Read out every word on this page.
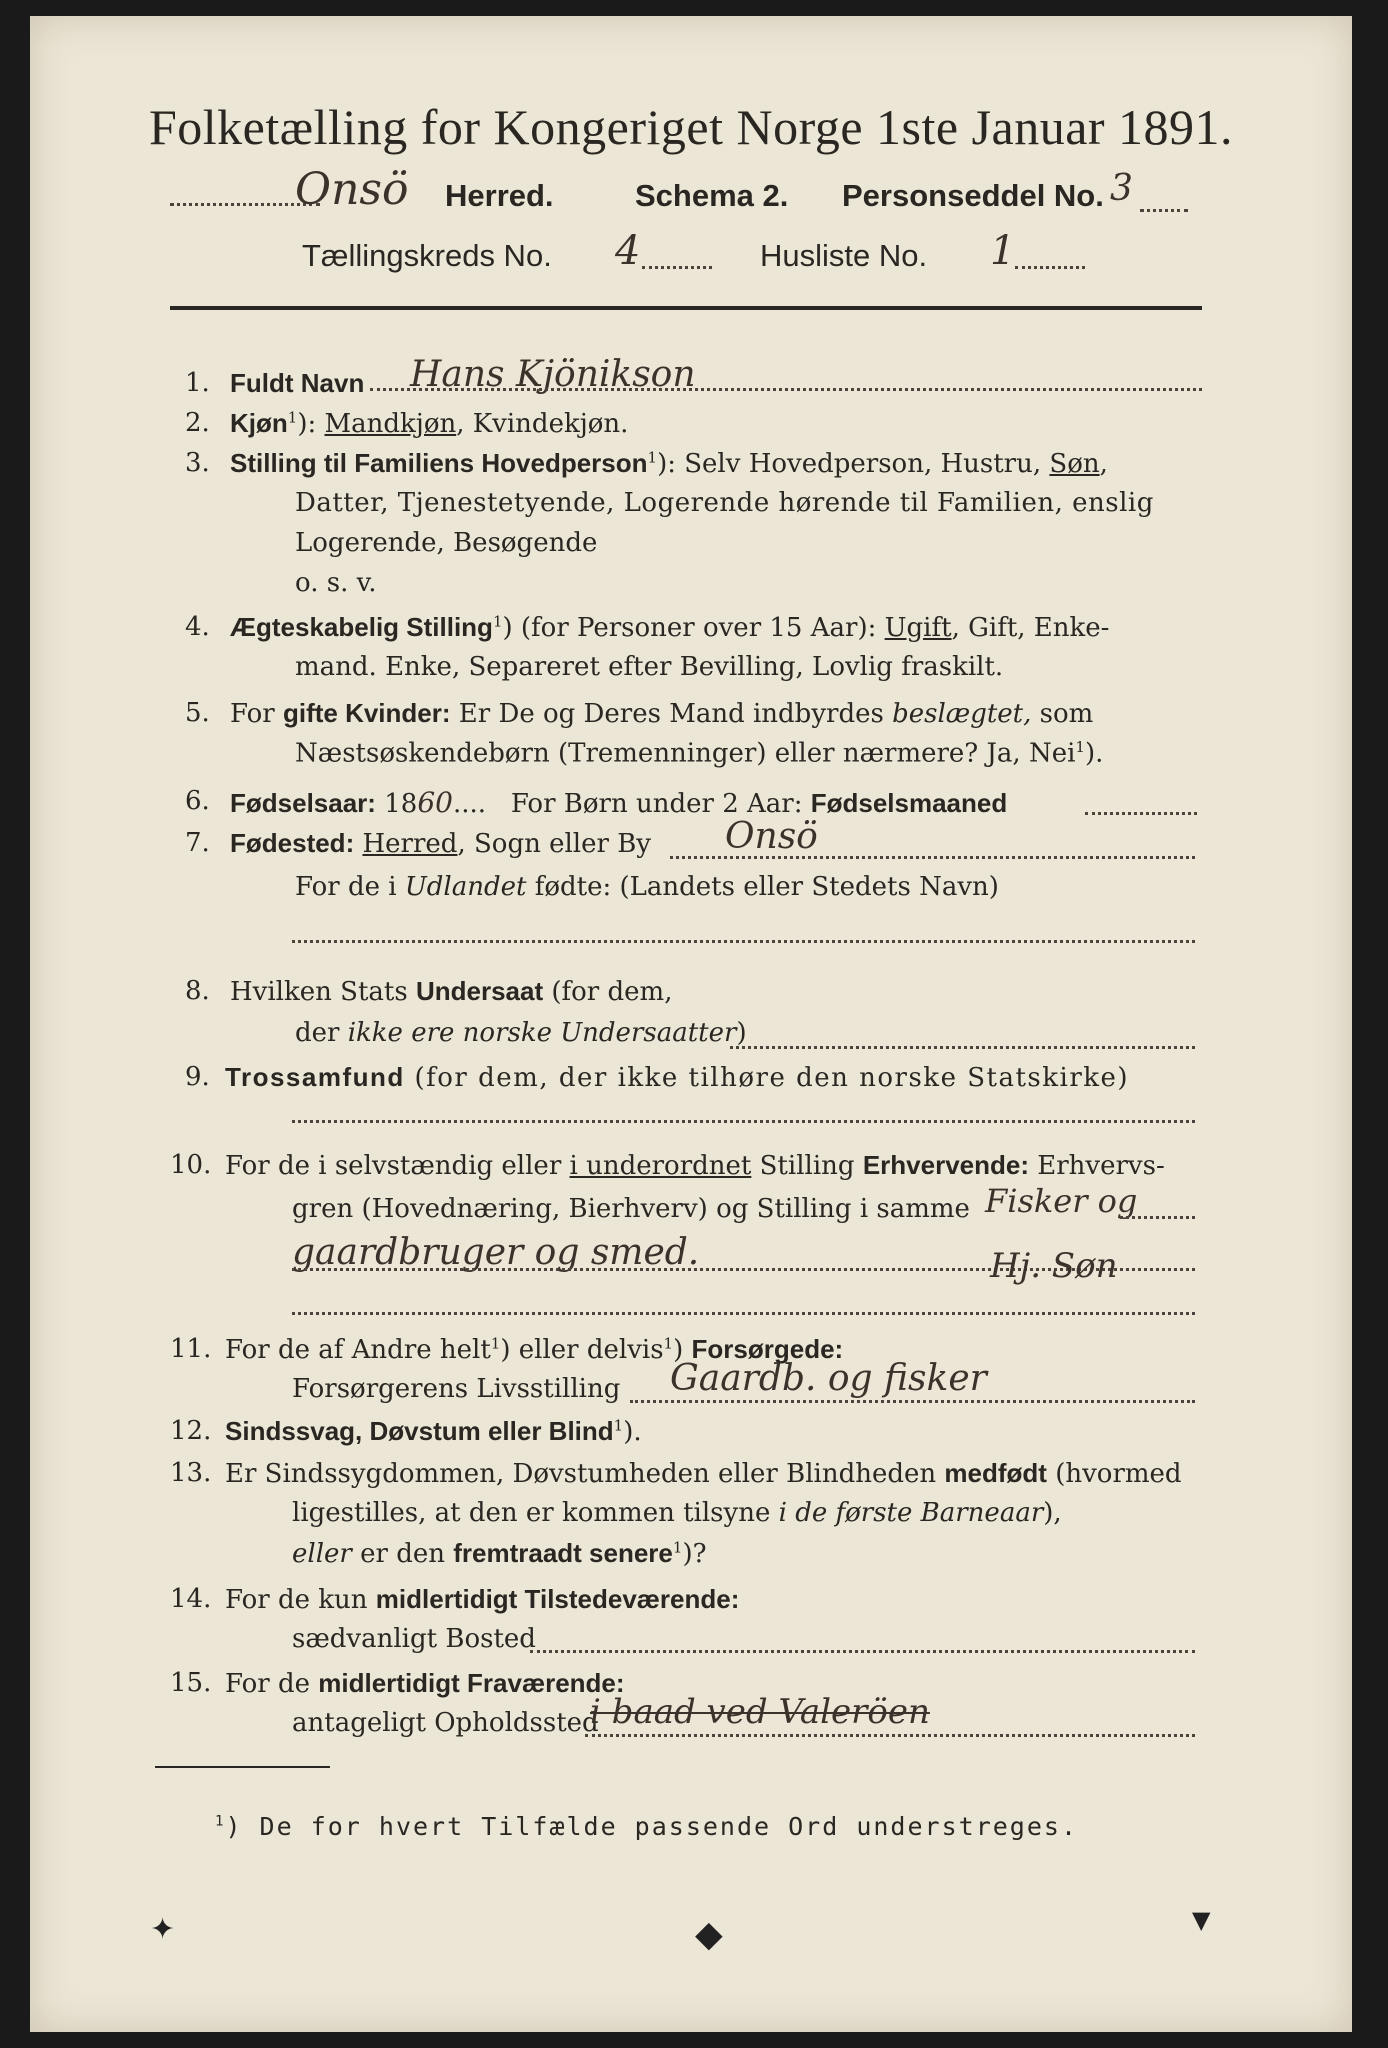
Folketælling for Kongeriget Norge 1ste Januar 1891.
Onsö Herred.	Schema 2. Personseddel No. 3
Tællingskreds No. 4	Husliste No. 1
1. Fuldt Navn Hans Kjönikson
2. Kjøn$^1$): Mandkjøn, Kvindekjøn.
3. Stilling til Familiens Hovedperson$^1$): Selv Hovedperson, Hustru, Søn,
Datter, Tjenestetyende, Logerende hørende til Familien, enslig
Logerende, Besøgende
o. s. v.
4. Ægteskabelig Stilling$^1$) (for Personer over 15 Aar): Ugift, Gift, Enke-
mand. Enke, Separeret efter Bevilling, Lovlig fraskilt.
5. For gifte Kvinder: Er De og Deres Mand indbyrdes beslægtet, som
Næstsøskendebørn (Tremenninger) eller nærmere? Ja, Nei$^1$).
6. Fødselsaar: 1860....   For Børn under 2 Aar: Fødselsmaaned
7. Fødested: Herred, Sogn eller By Onsö
For de i Udlandet fødte: (Landets eller Stedets Navn)
8. Hvilken Stats Undersaat (for dem,
der ikke ere norske Undersaatter)
9. Trossamfund (for dem, der ikke tilhøre den norske Statskirke)
10. For de i selvstændig eller i underordnet Stilling Erhvervende: Erhvervs-
gren (Hovednæring, Bierhverv) og Stilling i samme Fisker og
gaardbruger og smed.	Hj. Søn
11. For de af Andre helt$^1$) eller delvis$^1$) Forsørgede:
Forsørgerens Livsstilling Gaardb. og fisker
12. Sindssvag, Døvstum eller Blind$^1$).
13. Er Sindssygdommen, Døvstumheden eller Blindheden medfødt (hvormed
ligestilles, at den er kommen tilsyne i de første Barneaar),
eller er den fremtraadt senere$^1$)?
14. For de kun midlertidigt Tilstedeværende:
sædvanligt Bosted
15. For de midlertidigt Fraværende:
antageligt Opholdssted
i baad ved Valeröen
$^1$) De for hvert Tilfælde passende Ord understreges.
✦	◆	▼
